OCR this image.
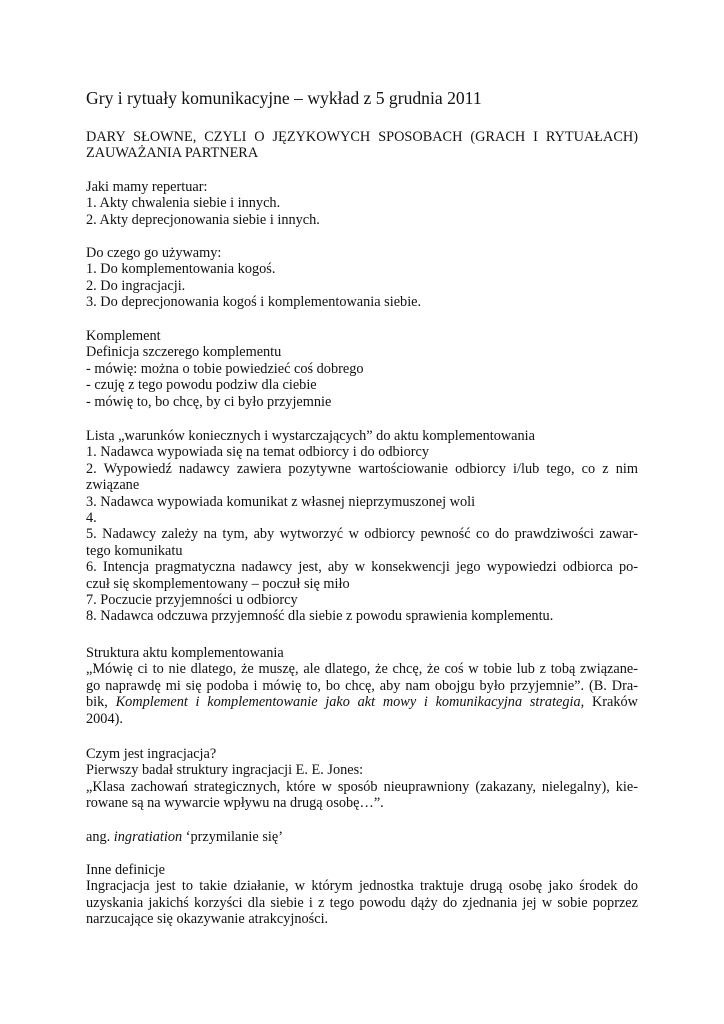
Gry i rytuały komunikacyjne – wykład z 5 grudnia 2011
DARY SŁOWNE, CZYLI O JĘZYKOWYCH SPOSOBACH (GRACH I RYTUAŁACH)
ZAUWAŻANIA PARTNERA
Jaki mamy repertuar:
1. Akty chwalenia siebie i innych.
2. Akty deprecjonowania siebie i innych.
Do czego go używamy:
1. Do komplementowania kogoś.
2. Do ingracjacji.
3. Do deprecjonowania kogoś i komplementowania siebie.
Komplement
Definicja szczerego komplementu
- mówię: można o tobie powiedzieć coś dobrego
- czuję z tego powodu podziw dla ciebie
- mówię to, bo chcę, by ci było przyjemnie
Lista „warunków koniecznych i wystarczających” do aktu komplementowania
1. Nadawca wypowiada się na temat odbiorcy i do odbiorcy
2. Wypowiedź nadawcy zawiera pozytywne wartościowanie odbiorcy i/lub tego, co z nim
związane
3. Nadawca wypowiada komunikat z własnej nieprzymuszonej woli
4.
5. Nadawcy zależy na tym, aby wytworzyć w odbiorcy pewność co do prawdziwości zawar-
tego komunikatu
6. Intencja pragmatyczna nadawcy jest, aby w konsekwencji jego wypowiedzi odbiorca po-
czuł się skomplementowany – poczuł się miło
7. Poczucie przyjemności u odbiorcy
8. Nadawca odczuwa przyjemność dla siebie z powodu sprawienia komplementu.
Struktura aktu komplementowania
„Mówię ci to nie dlatego, że muszę, ale dlatego, że chcę, że coś w tobie lub z tobą związane-
go naprawdę mi się podoba i mówię to, bo chcę, aby nam obojgu było przyjemnie”. (B. Dra-
bik, Komplement i komplementowanie jako akt mowy i komunikacyjna strategia, Kraków
2004).
Czym jest ingracjacja?
Pierwszy badał struktury ingracjacji E. E. Jones:
„Klasa zachowań strategicznych, które w sposób nieuprawniony (zakazany, nielegalny), kie-
rowane są na wywarcie wpływu na drugą osobę…”.
ang. ingratiation ‘przymilanie się’
Inne definicje
Ingracjacja jest to takie działanie, w którym jednostka traktuje drugą osobę jako środek do
uzyskania jakichś korzyści dla siebie i z tego powodu dąży do zjednania jej w sobie poprzez
narzucające się okazywanie atrakcyjności.
